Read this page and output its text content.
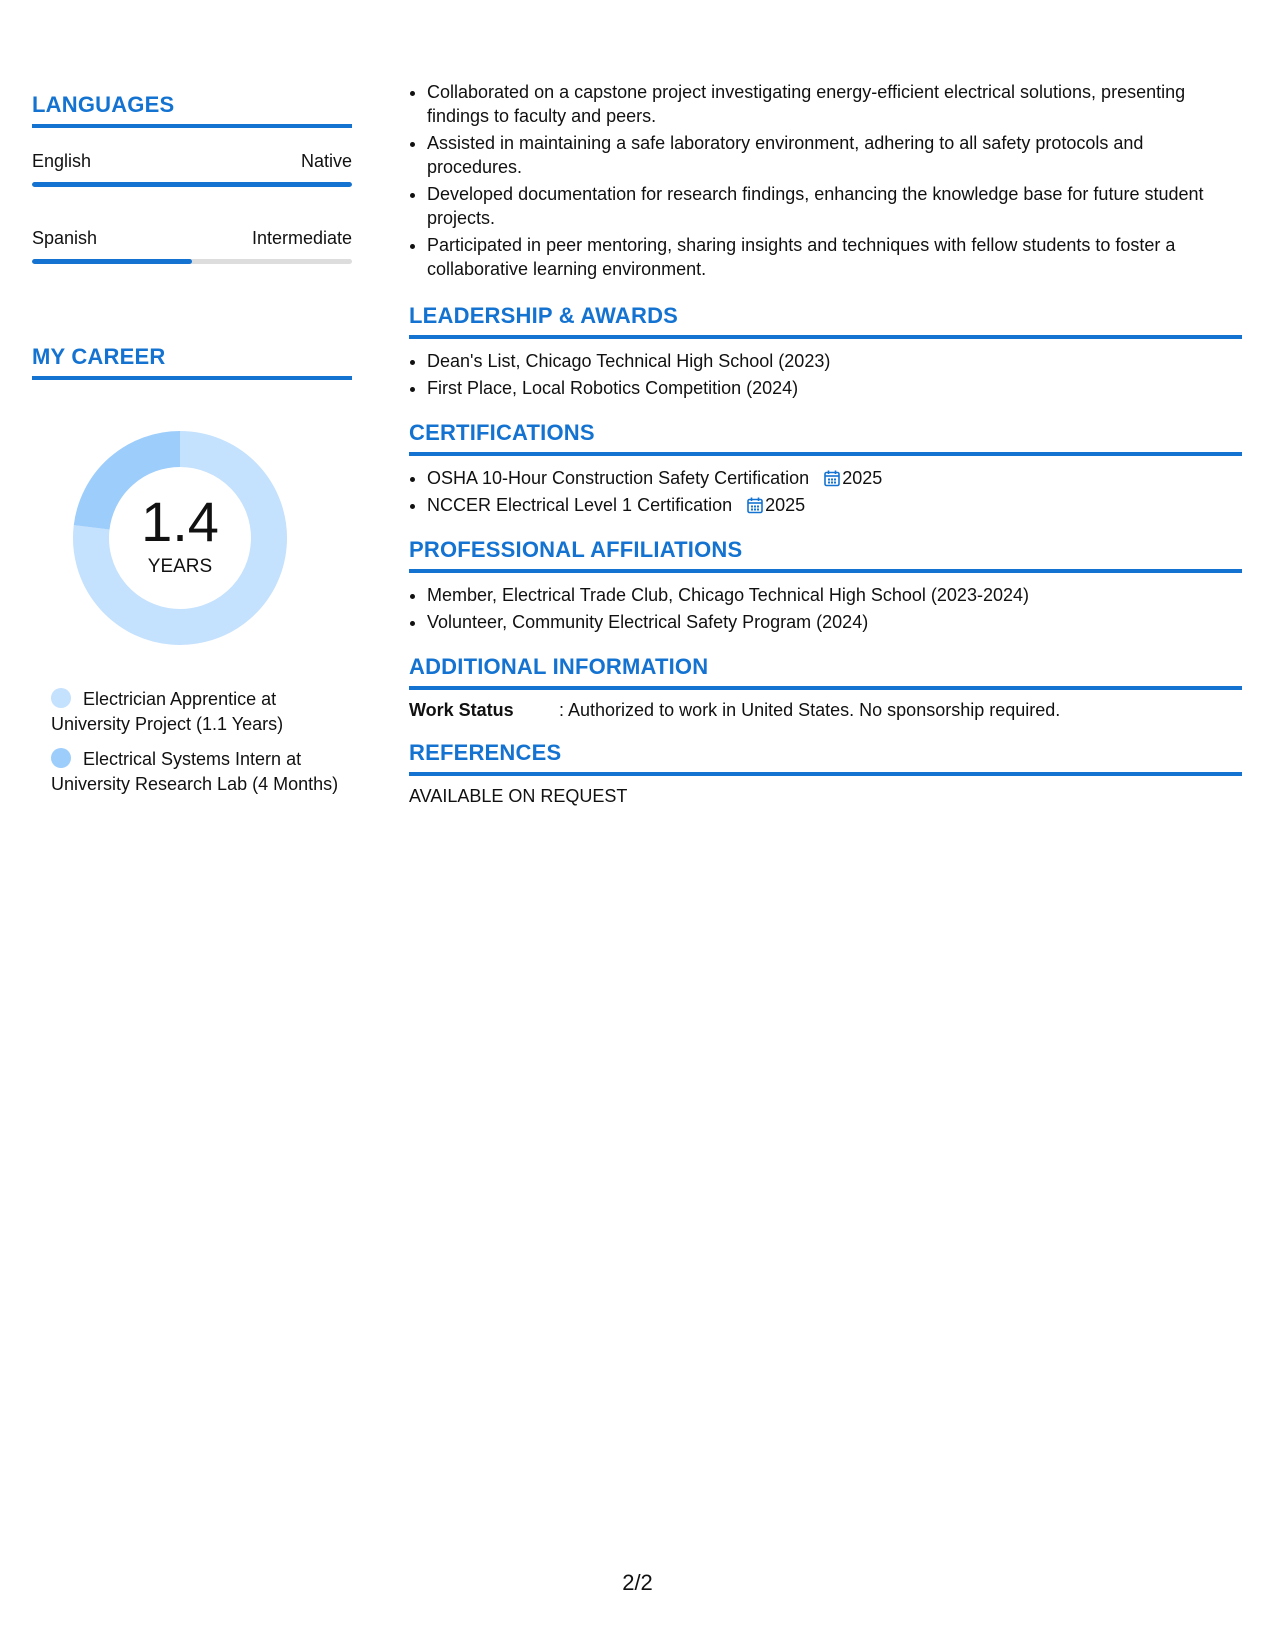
LANGUAGES
English	Native
Spanish	Intermediate
MY CAREER
1.4
YEARS
Electrician Apprentice at University Project (1.1 Years)
Electrical Systems Intern at University Research Lab (4 Months)
• Collaborated on a capstone project investigating energy-efficient electrical solutions, presenting findings to faculty and peers.
• Assisted in maintaining a safe laboratory environment, adhering to all safety protocols and procedures.
• Developed documentation for research findings, enhancing the knowledge base for future student projects.
• Participated in peer mentoring, sharing insights and techniques with fellow students to foster a collaborative learning environment.
LEADERSHIP & AWARDS
• Dean's List, Chicago Technical High School (2023)
• First Place, Local Robotics Competition (2024)
CERTIFICATIONS
• OSHA 10-Hour Construction Safety Certification 2025
• NCCER Electrical Level 1 Certification 2025
PROFESSIONAL AFFILIATIONS
• Member, Electrical Trade Club, Chicago Technical High School (2023-2024)
• Volunteer, Community Electrical Safety Program (2024)
ADDITIONAL INFORMATION
Work Status	: Authorized to work in United States. No sponsorship required.
REFERENCES
AVAILABLE ON REQUEST
2/2
